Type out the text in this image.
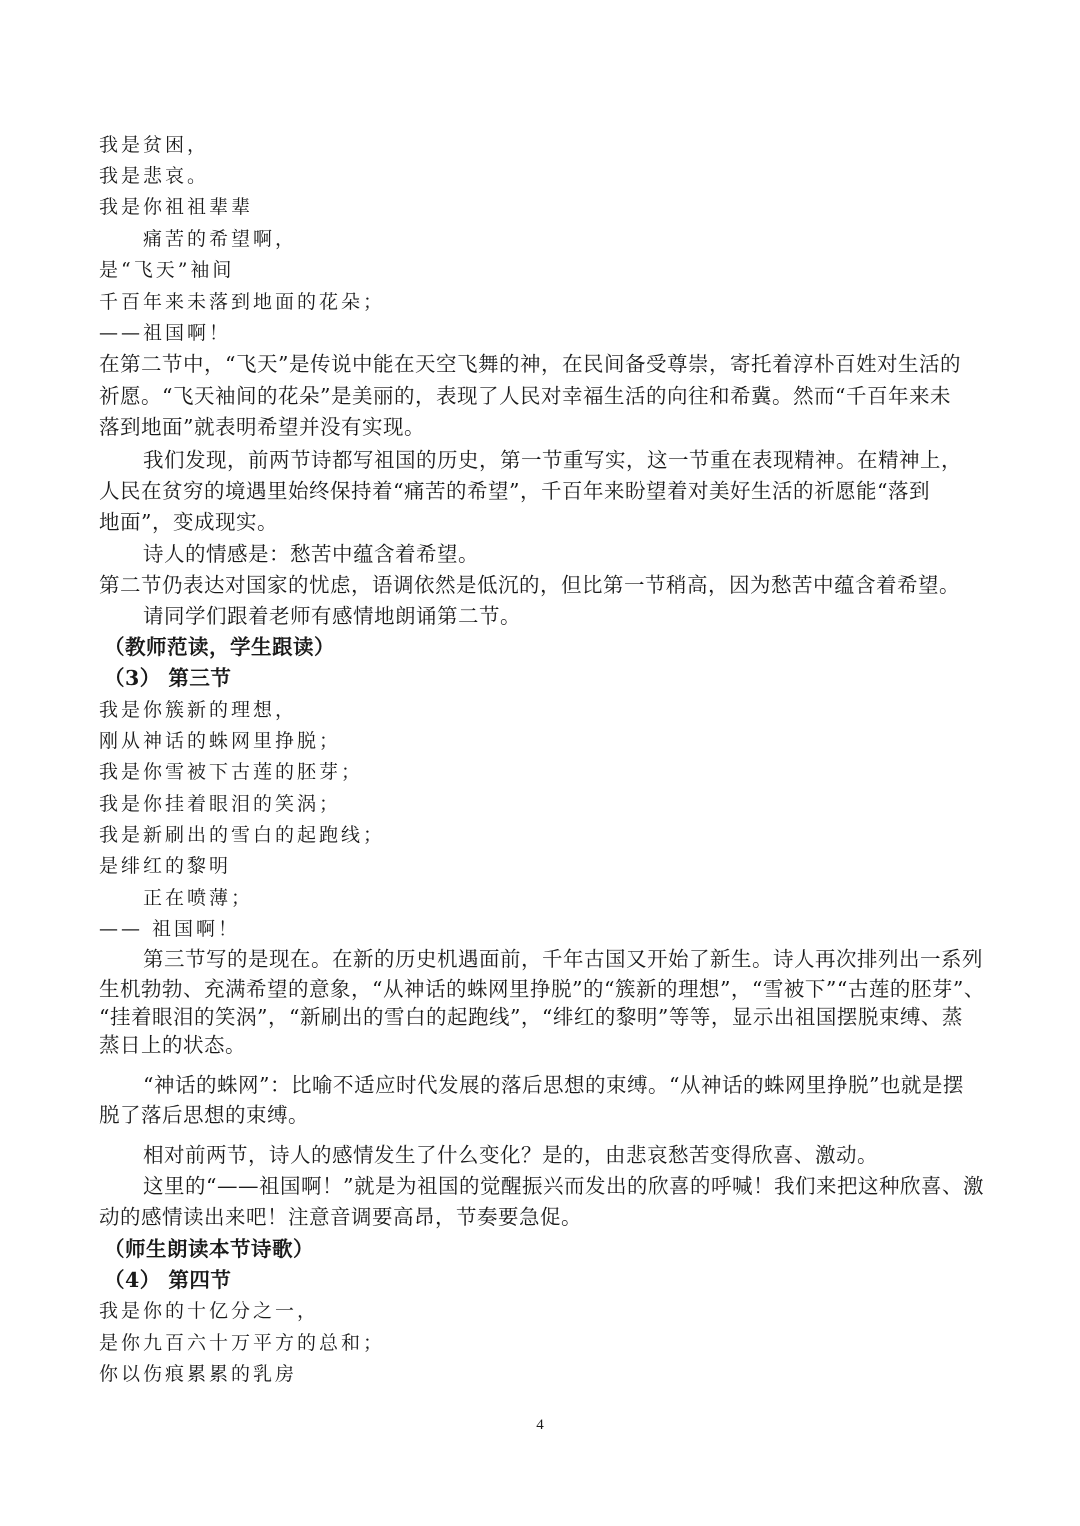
我是贫困，
我是悲哀。
我是你祖祖辈辈
痛苦的希望啊，
是“飞天”袖间
千百年来未落到地面的花朵；
——祖国啊！
在第二节中，“飞天”是传说中能在天空飞舞的神，在民间备受尊崇，寄托着淳朴百姓对生活的
祈愿。“飞天袖间的花朵”是美丽的，表现了人民对幸福生活的向往和希冀。然而“千百年来未
落到地面”就表明希望并没有实现。
我们发现，前两节诗都写祖国的历史，第一节重写实，这一节重在表现精神。在精神上，
人民在贫穷的境遇里始终保持着“痛苦的希望”，千百年来盼望着对美好生活的祈愿能“落到
地面”，变成现实。
诗人的情感是：愁苦中蕴含着希望。
第二节仍表达对国家的忧虑，语调依然是低沉的，但比第一节稍高，因为愁苦中蕴含着希望。
请同学们跟着老师有感情地朗诵第二节。
（教师范读，学生跟读）
（3） 第三节
我是你簇新的理想，
刚从神话的蛛网里挣脱；
我是你雪被下古莲的胚芽；
我是你挂着眼泪的笑涡；
我是新刷出的雪白的起跑线；
是绯红的黎明
正在喷薄；
—— 祖国啊！
第三节写的是现在。在新的历史机遇面前，千年古国又开始了新生。诗人再次排列出一系列
生机勃勃、充满希望的意象，“从神话的蛛网里挣脱”的“簇新的理想”，“雪被下”“古莲的胚芽”、
“挂着眼泪的笑涡”，“新刷出的雪白的起跑线”，“绯红的黎明”等等，显示出祖国摆脱束缚、蒸
蒸日上的状态。
“神话的蛛网”：比喻不适应时代发展的落后思想的束缚。“从神话的蛛网里挣脱”也就是摆
脱了落后思想的束缚。
相对前两节，诗人的感情发生了什么变化？是的，由悲哀愁苦变得欣喜、激动。
这里的“——祖国啊！”就是为祖国的觉醒振兴而发出的欣喜的呼喊！我们来把这种欣喜、激
动的感情读出来吧！注意音调要高昂，节奏要急促。
（师生朗读本节诗歌）
（4） 第四节
我是你的十亿分之一，
是你九百六十万平方的总和；
你以伤痕累累的乳房
4
